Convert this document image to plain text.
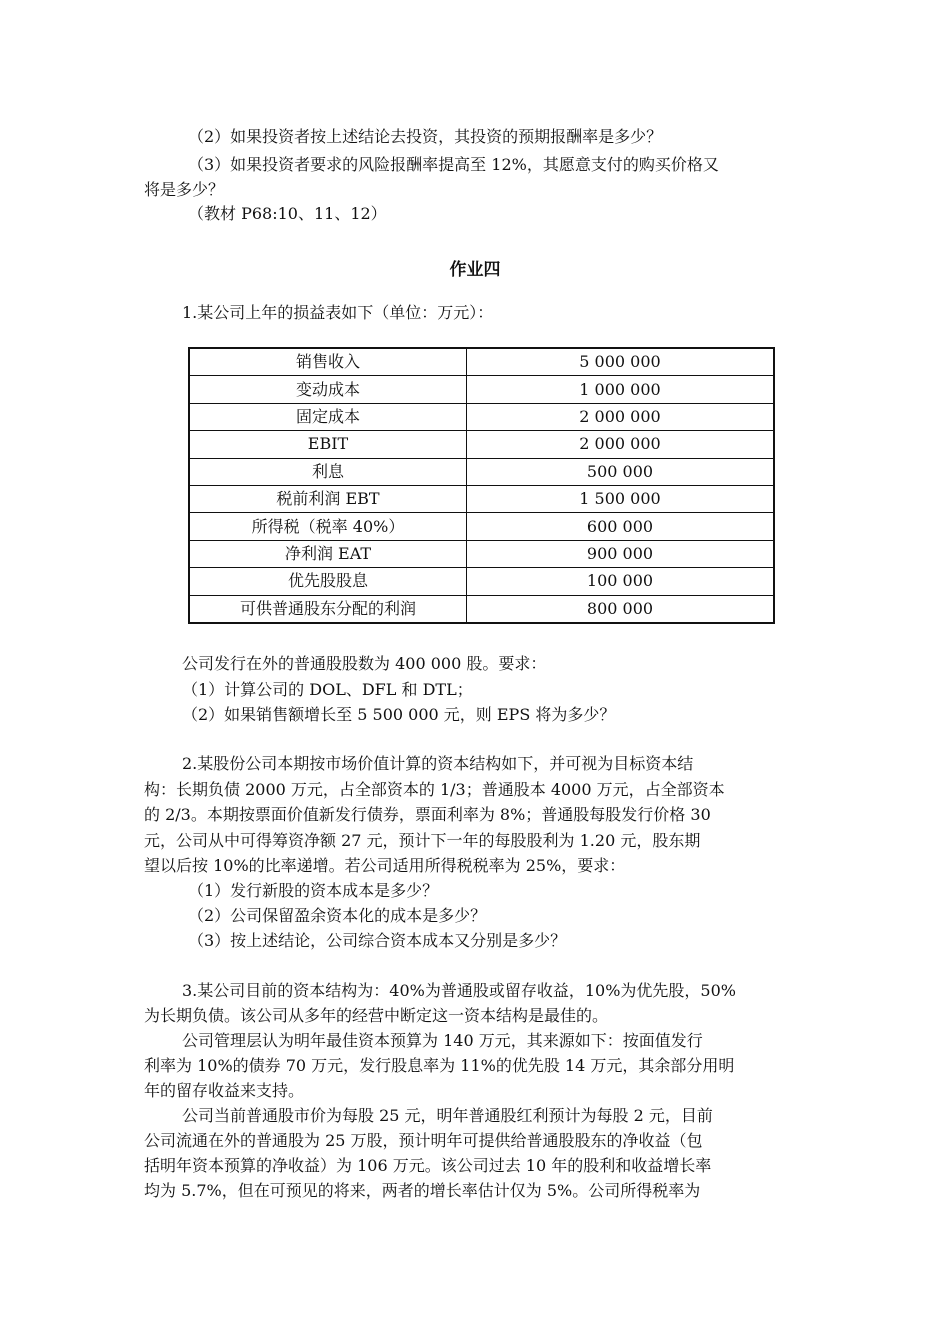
（2）如果投资者按上述结论去投资，其投资的预期报酬率是多少？
（3）如果投资者要求的风险报酬率提高至 12%，其愿意支付的购买价格又
将是多少？
（教材 P68:10、11、12）
作业四
1.某公司上年的损益表如下（单位：万元）：
销售收入	5 000 000
变动成本	1 000 000
固定成本	2 000 000
EBIT	2 000 000
利息	500 000
税前利润 EBT	1 500 000
所得税（税率 40%）	600 000
净利润 EAT	900 000
优先股股息	100 000
可供普通股东分配的利润	800 000
公司发行在外的普通股股数为 400 000 股。要求：
（1）计算公司的 DOL、DFL 和 DTL；
（2）如果销售额增长至 5 500 000 元，则 EPS 将为多少？
2.某股份公司本期按市场价值计算的资本结构如下，并可视为目标资本结
构：长期负债 2000 万元，占全部资本的 1/3；普通股本 4000 万元，占全部资本
的 2/3。本期按票面价值新发行债券，票面利率为 8%；普通股每股发行价格 30
元，公司从中可得筹资净额 27 元，预计下一年的每股股利为 1.20 元，股东期
望以后按 10%的比率递增。若公司适用所得税税率为 25%，要求：
（1）发行新股的资本成本是多少？
（2）公司保留盈余资本化的成本是多少？
（3）按上述结论，公司综合资本成本又分别是多少？
3.某公司目前的资本结构为：40%为普通股或留存收益，10%为优先股，50%
为长期负债。该公司从多年的经营中断定这一资本结构是最佳的。
公司管理层认为明年最佳资本预算为 140 万元，其来源如下：按面值发行
利率为 10%的债券 70 万元，发行股息率为 11%的优先股 14 万元，其余部分用明
年的留存收益来支持。
公司当前普通股市价为每股 25 元，明年普通股红利预计为每股 2 元，目前
公司流通在外的普通股为 25 万股，预计明年可提供给普通股股东的净收益（包
括明年资本预算的净收益）为 106 万元。该公司过去 10 年的股利和收益增长率
均为 5.7%，但在可预见的将来，两者的增长率估计仅为 5%。公司所得税率为
